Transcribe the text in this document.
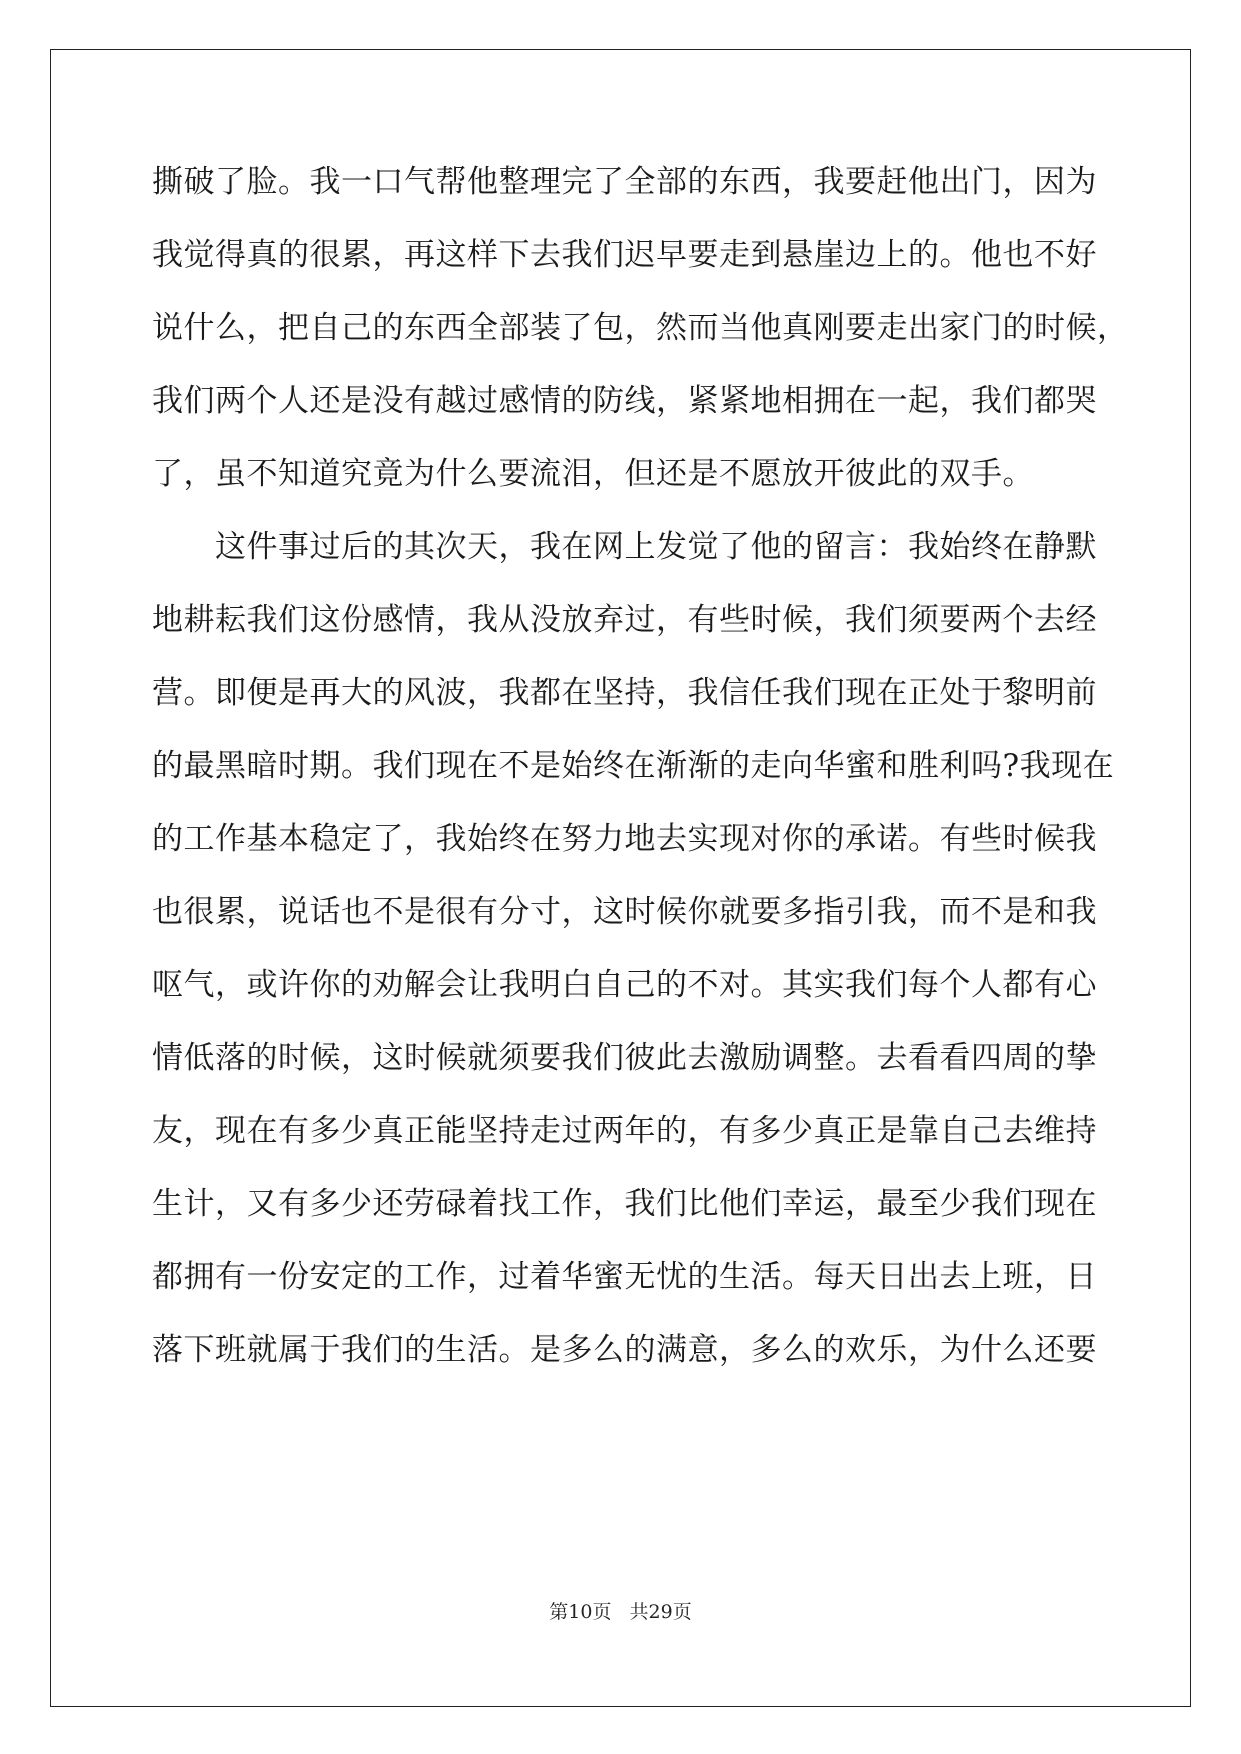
撕破了脸。我一口气帮他整理完了全部的东西，我要赶他出门，因为
我觉得真的很累，再这样下去我们迟早要走到悬崖边上的。他也不好
说什么，把自己的东西全部装了包，然而当他真刚要走出家门的时候，
我们两个人还是没有越过感情的防线，紧紧地相拥在一起，我们都哭
了，虽不知道究竟为什么要流泪，但还是不愿放开彼此的双手。
　　这件事过后的其次天，我在网上发觉了他的留言：我始终在静默
地耕耘我们这份感情，我从没放弃过，有些时候，我们须要两个去经
营。即便是再大的风波，我都在坚持，我信任我们现在正处于黎明前
的最黑暗时期。我们现在不是始终在渐渐的走向华蜜和胜利吗?我现在
的工作基本稳定了，我始终在努力地去实现对你的承诺。有些时候我
也很累，说话也不是很有分寸，这时候你就要多指引我，而不是和我
呕气，或许你的劝解会让我明白自己的不对。其实我们每个人都有心
情低落的时候，这时候就须要我们彼此去激励调整。去看看四周的挚
友，现在有多少真正能坚持走过两年的，有多少真正是靠自己去维持
生计，又有多少还劳碌着找工作，我们比他们幸运，最至少我们现在
都拥有一份安定的工作，过着华蜜无忧的生活。每天日出去上班，日
落下班就属于我们的生活。是多么的满意，多么的欢乐，为什么还要
第10页 共29页
